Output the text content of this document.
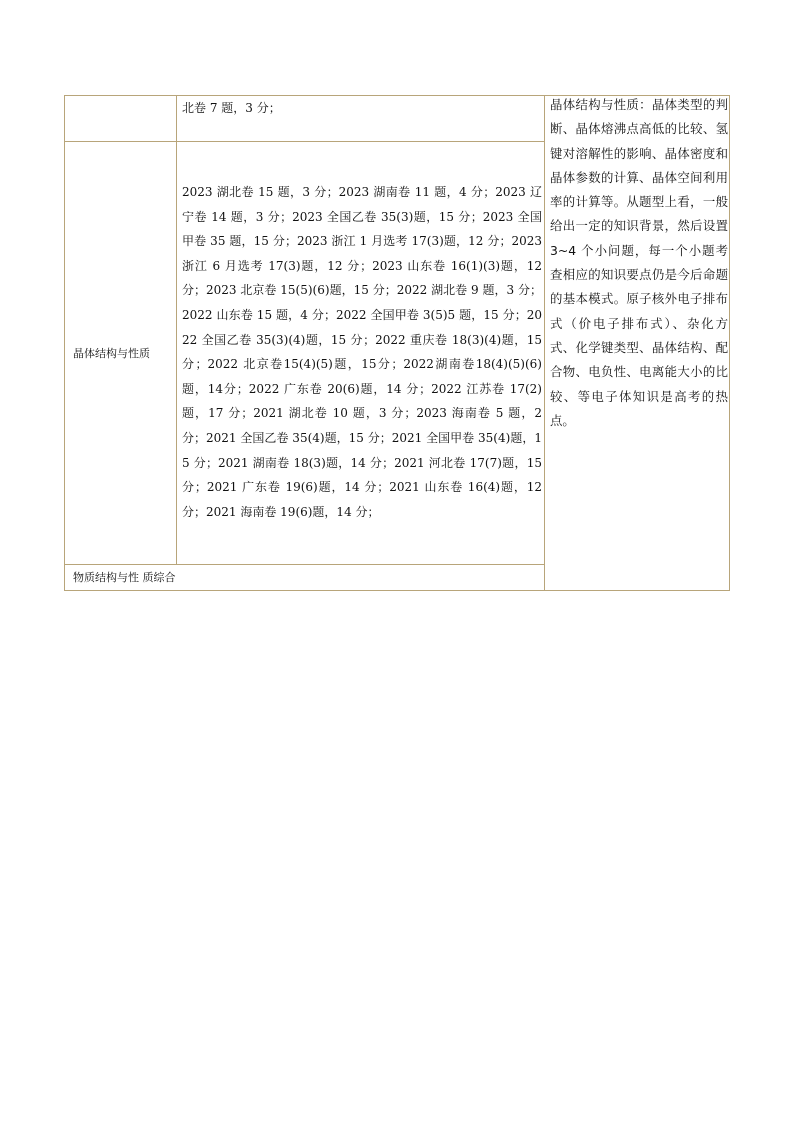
北卷 7 题，3 分；
晶体结构与性质
2023 湖北卷 15 题，3 分；2023 湖南卷 11 题，4 分；2023 辽宁卷 14 题，3 分；2023 全国乙卷 35(3)题，15 分；2023 全国甲卷 35 题，15 分；2023 浙江 1 月选考 17(3)题，12 分；2023 浙江 6 月选考 17(3)题，12 分；2023 山东卷 16(1)(3)题，12 分；2023 北京卷 15(5)(6)题，15 分；2022 湖北卷 9 题，3 分；2022 山东卷 15 题，4 分；2022 全国甲卷 3(5)5 题，15 分；2022 全国乙卷 35(3)(4)题，15 分；2022 重庆卷 18(3)(4)题，15 分；2022 北京卷15(4)(5)题，15分；2022湖南卷18(4)(5)(6)题，14分；2022 广东卷 20(6)题，14 分；2022 江苏卷 17(2)题，17 分；2021 湖北卷 10 题，3 分；2023 海南卷 5 题，2 分；2021 全国乙卷 35(4)题，15 分；2021 全国甲卷 35(4)题，15 分；2021 湖南卷 18(3)题，14 分；2021 河北卷 17(7)题，15 分；2021 广东卷 19(6)题，14 分；2021 山东卷 16(4)题，12 分；2021 海南卷 19(6)题，14 分；
物质结构与性 质综合
晶体结构与性质：晶体类型的判断、晶体熔沸点高低的比较、氢键对溶解性的影响、晶体密度和晶体参数的计算、晶体空间利用率的计算等。从题型上看，一般给出一定的知识背景，然后设置 3~4 个小问题，每一个小题考查相应的知识要点仍是今后命题的基本模式。原子核外电子排布式（价电子排布式）、杂化方式、化学键类型、晶体结构、配合物、电负性、电离能大小的比较、等电子体知识是高考的热点。
